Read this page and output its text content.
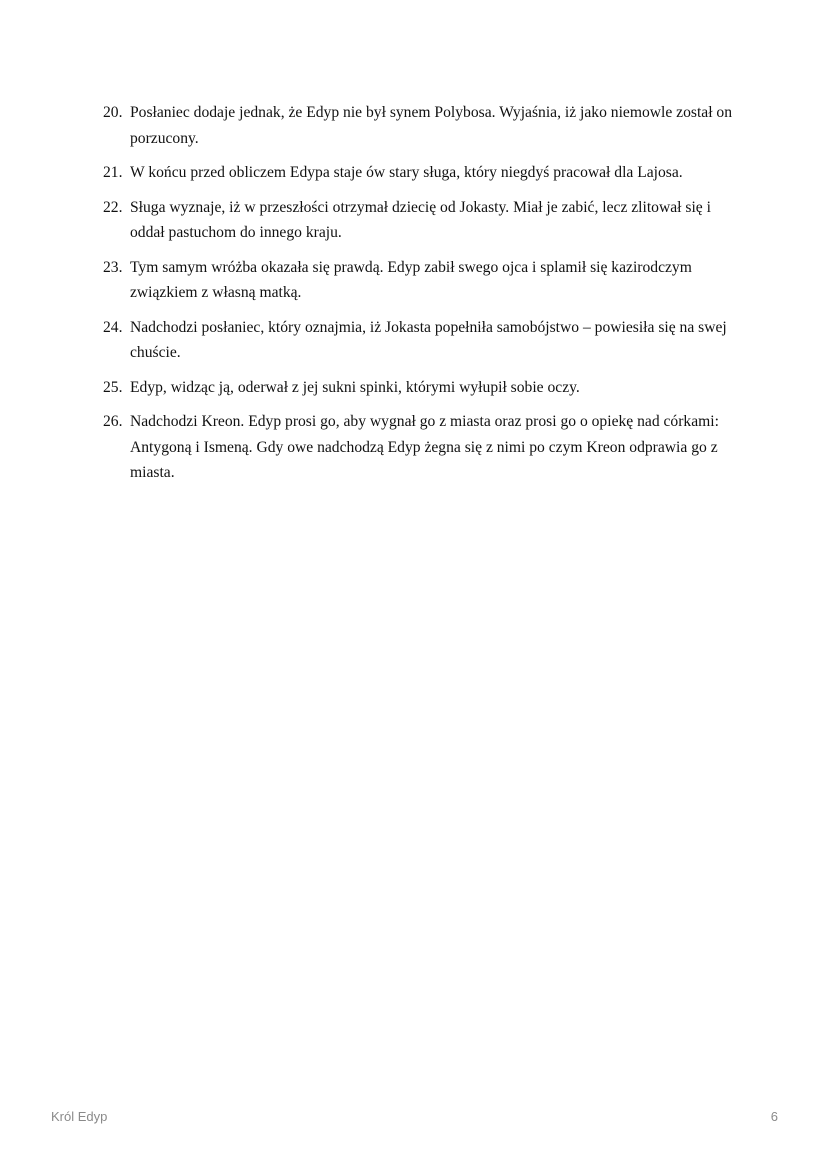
20. Posłaniec dodaje jednak, że Edyp nie był synem Polybosa. Wyjaśnia, iż jako niemowle został on porzucony.
21. W końcu przed obliczem Edypa staje ów stary sługa, który niegdyś pracował dla Lajosa.
22. Sługa wyznaje, iż w przeszłości otrzymał dziecię od Jokasty. Miał je zabić, lecz zlitował się i oddał pastuchom do innego kraju.
23. Tym samym wróżba okazała się prawdą. Edyp zabił swego ojca i splamił się kazirodczym związkiem z własną matką.
24. Nadchodzi posłaniec, który oznajmia, iż Jokasta popełniła samobójstwo – powiesiła się na swej chuście.
25. Edyp, widząc ją, oderwał z jej sukni spinki, którymi wyłupił sobie oczy.
26. Nadchodzi Kreon. Edyp prosi go, aby wygnał go z miasta oraz prosi go o opiekę nad córkami: Antygoną i Ismeną. Gdy owe nadchodzą Edyp żegna się z nimi po czym Kreon odprawia go z miasta.
Król Edyp	6
